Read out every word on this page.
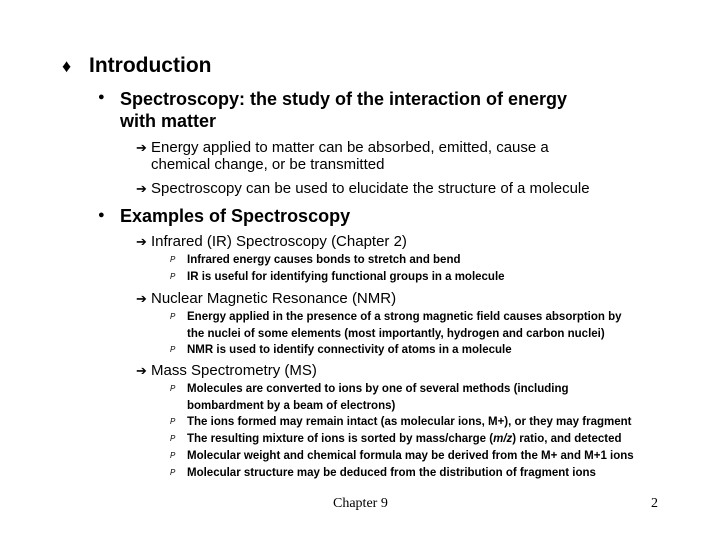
♦ Introduction
● Spectroscopy: the study of the interaction of energy
with matter
➔ Energy applied to matter can be absorbed, emitted, cause a
chemical change, or be transmitted
➔ Spectroscopy can be used to elucidate the structure of a molecule
● Examples of Spectroscopy
➔ Infrared (IR) Spectroscopy (Chapter 2)
P Infrared energy causes bonds to stretch and bend
P IR is useful for identifying functional groups in a molecule
➔ Nuclear Magnetic Resonance (NMR)
P Energy applied in the presence of a strong magnetic field causes absorption by
the nuclei of some elements (most importantly, hydrogen and carbon nuclei)
P NMR is used to identify connectivity of atoms in a molecule
➔ Mass Spectrometry (MS)
P Molecules are converted to ions by one of several methods (including
bombardment by a beam of electrons)
P The ions formed may remain intact (as molecular ions, M+), or they may fragment
P The resulting mixture of ions is sorted by mass/charge (m/z) ratio, and detected
P Molecular weight and chemical formula may be derived from the M+ and M+1 ions
P Molecular structure may be deduced from the distribution of fragment ions
Chapter 9	2
